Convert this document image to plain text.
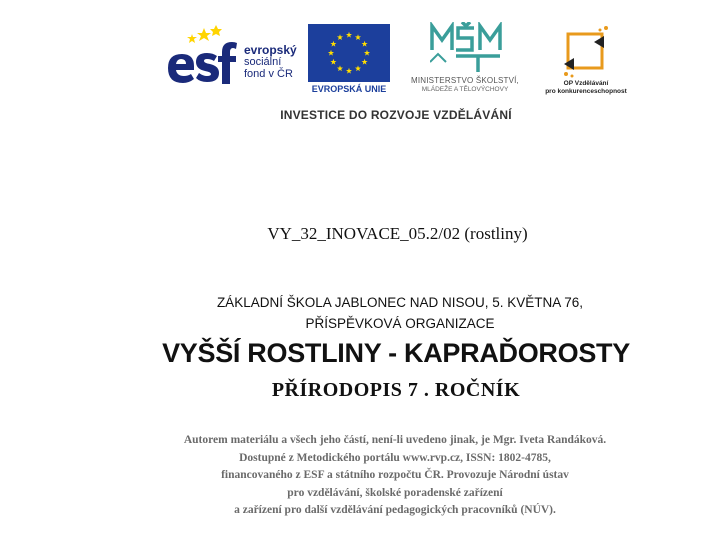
evropský
sociální
fond v ČR
EVROPSKÁ UNIE
MINISTERSTVO ŠKOLSTVÍ,
MLÁDEŽE A TĚLOVÝCHOVY
OP Vzdělávání
pro konkurenceschopnost
INVESTICE DO ROZVOJE VZDĚLÁVÁNÍ
VY_32_INOVACE_05.2/02 (rostliny)
ZÁKLADNÍ ŠKOLA JABLONEC NAD NISOU, 5. KVĚTNA 76,
PŘÍSPĚVKOVÁ ORGANIZACE
VYŠŠÍ ROSTLINY - KAPRAĎOROSTY
PŘÍRODOPIS 7 . ROČNÍK
Autorem materiálu a všech jeho částí, není-li uvedeno jinak, je Mgr. Iveta Randáková.
Dostupné z Metodického portálu www.rvp.cz, ISSN: 1802-4785,
financovaného z ESF a státního rozpočtu ČR. Provozuje Národní ústav
pro vzdělávání, školské poradenské zařízení
a zařízení pro další vzdělávání pedagogických pracovníků (NÚV).
